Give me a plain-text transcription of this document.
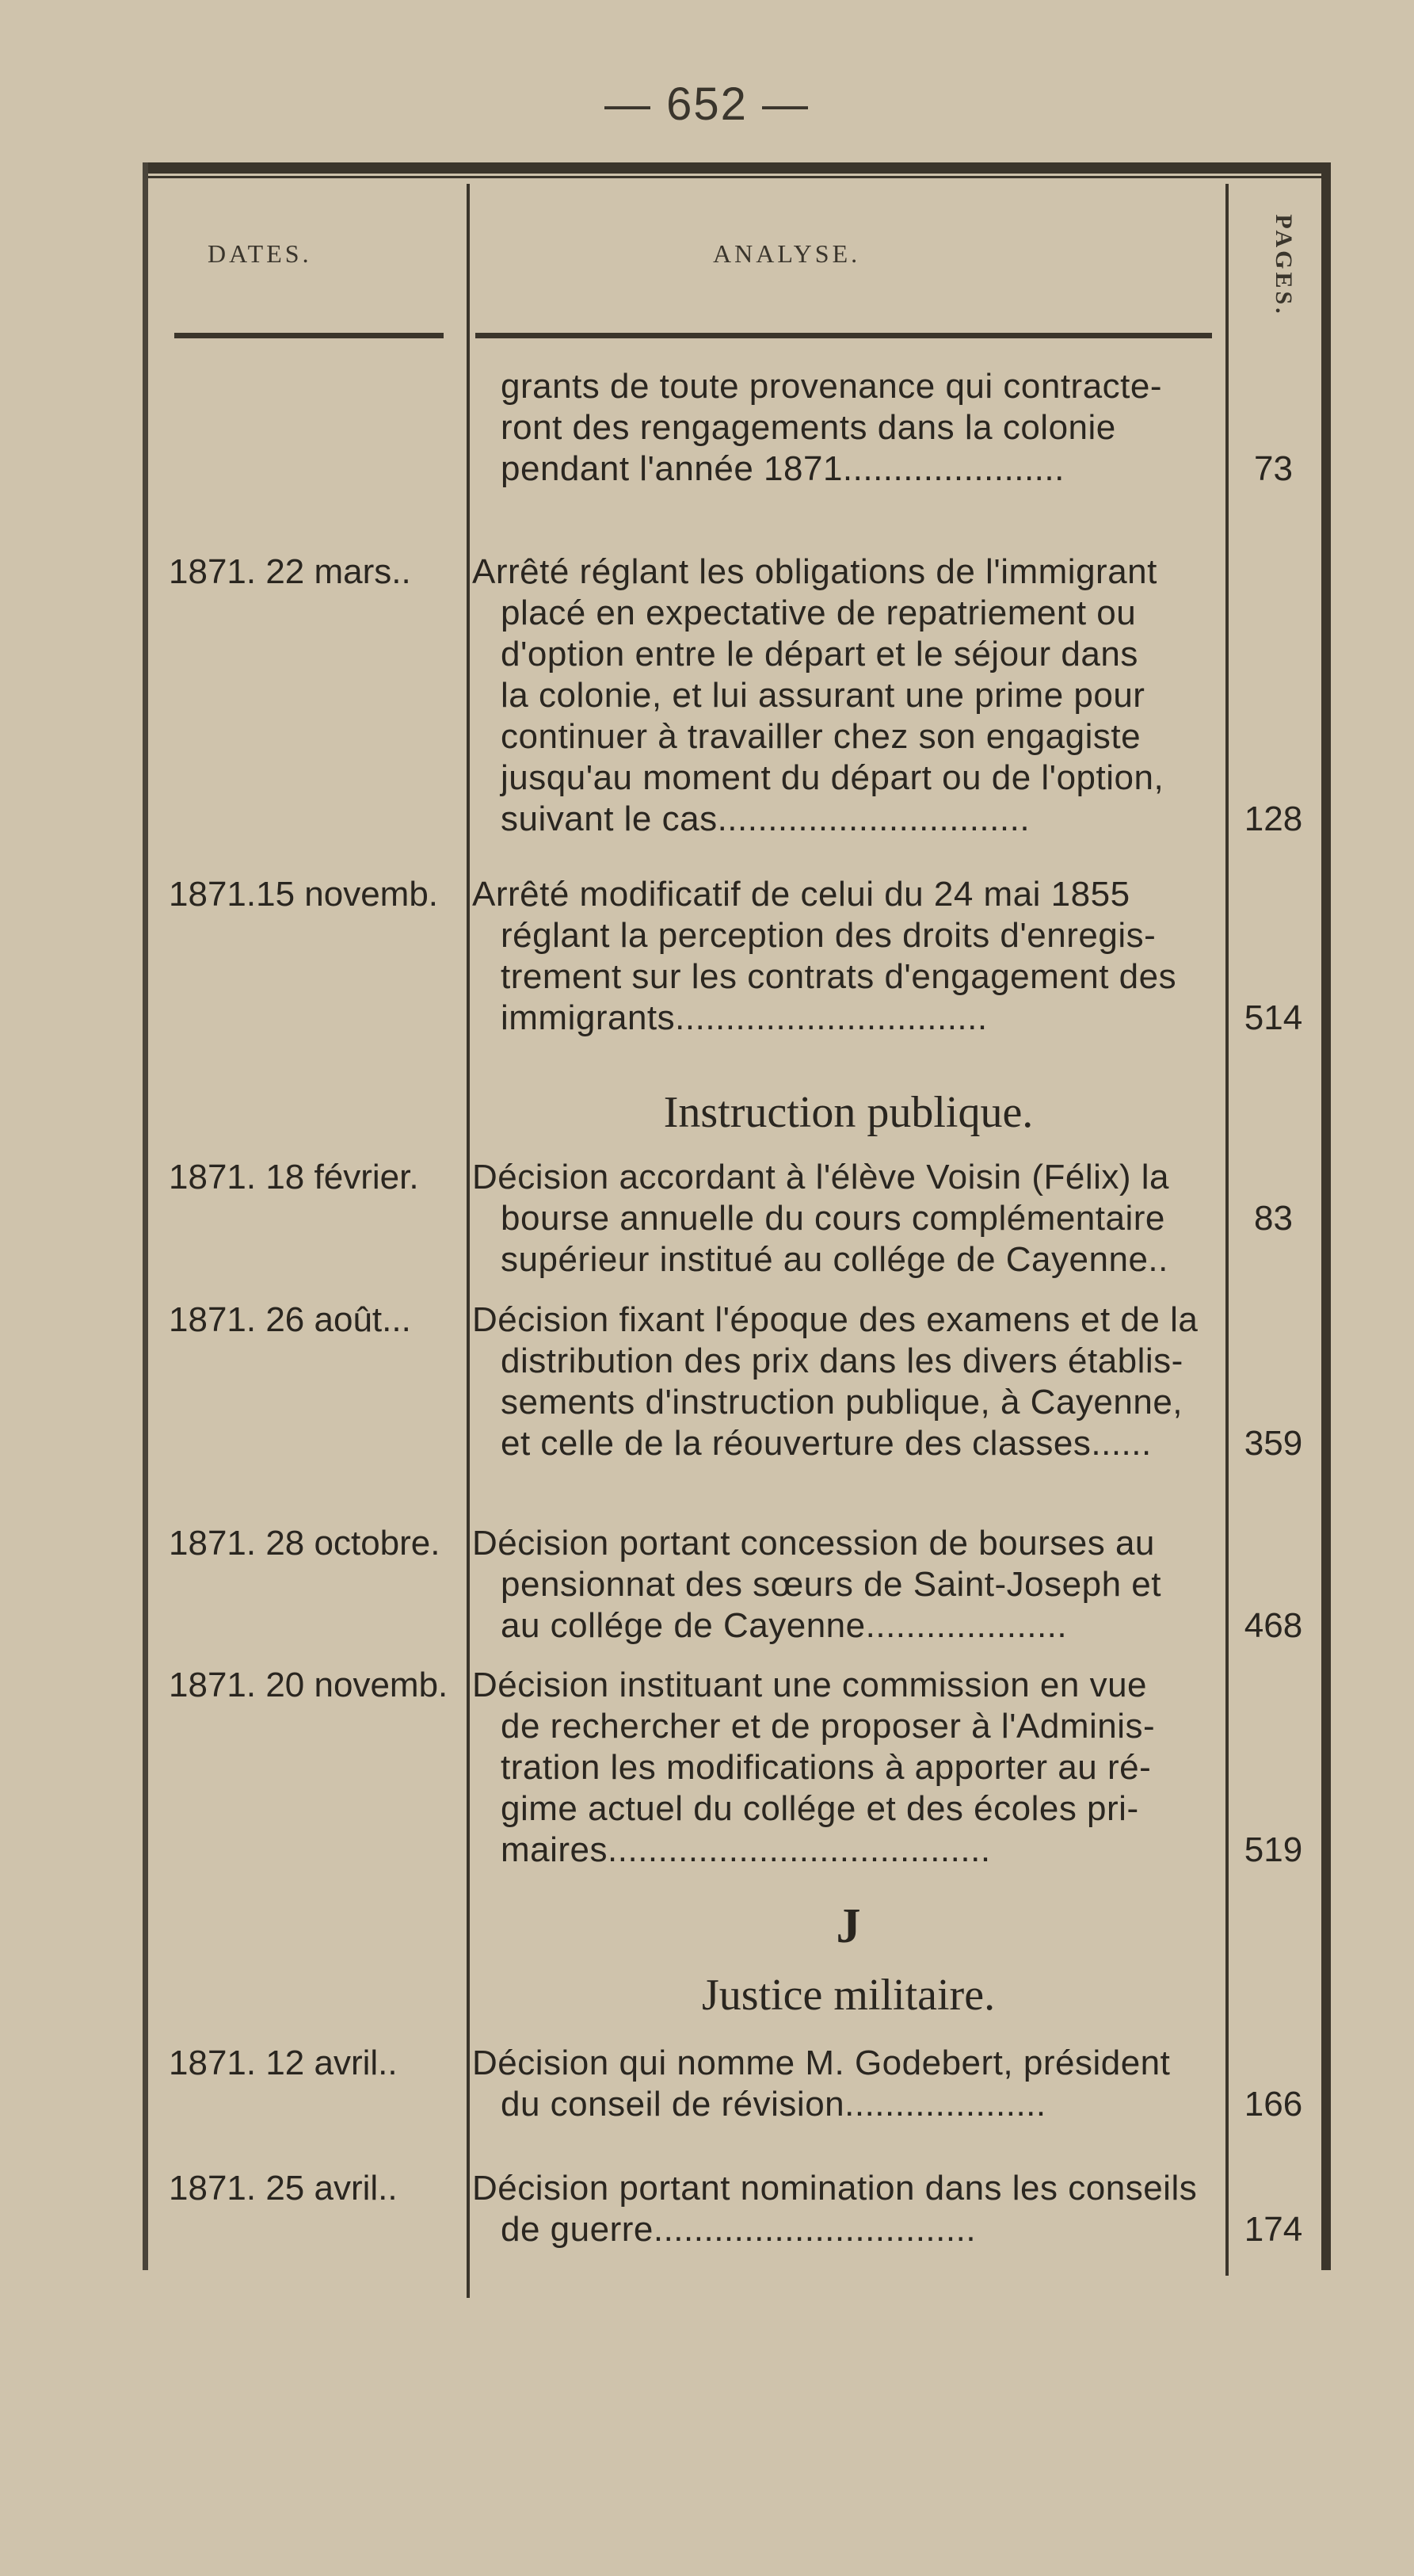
— 652 —
DATES.	ANALYSE.	PAGES.
grants de toute provenance qui contracte-
ront des rengagements dans la colonie
pendant l'année 1871......................	73
1871. 22 mars..	Arrêté réglant les obligations de l'immigrant
placé en expectative de repatriement ou
d'option entre le départ et le séjour dans
la colonie, et lui assurant une prime pour
continuer à travailler chez son engagiste
jusqu'au moment du départ ou de l'option,
suivant le cas...............................	128
1871.15 novemb. Arrêté modificatif de celui du 24 mai 1855
réglant la perception des droits d'enregis-
trement sur les contrats d'engagement des
immigrants...............................	514
Instruction publique.
1871. 18 février.	Décision accordant à l'élève Voisin (Félix) la
bourse annuelle du cours complémentaire
supérieur institué au collége de Cayenne..
83
1871. 26 août...	Décision fixant l'époque des examens et de la
distribution des prix dans les divers établis-
sements d'instruction publique, à Cayenne,
et celle de la réouverture des classes......	359
1871. 28 octobre. Décision portant concession de bourses au
pensionnat des sœurs de Saint-Joseph et
au collége de Cayenne....................	468
1871. 20 novemb. Décision instituant une commission en vue
de rechercher et de proposer à l'Adminis-
tration les modifications à apporter au ré-
gime actuel du collége et des écoles pri-
maires......................................	519
J
Justice militaire.
1871. 12 avril..	Décision qui nomme M. Godebert, président
du conseil de révision....................	166
1871. 25 avril..	Décision portant nomination dans les conseils
de guerre................................	174
